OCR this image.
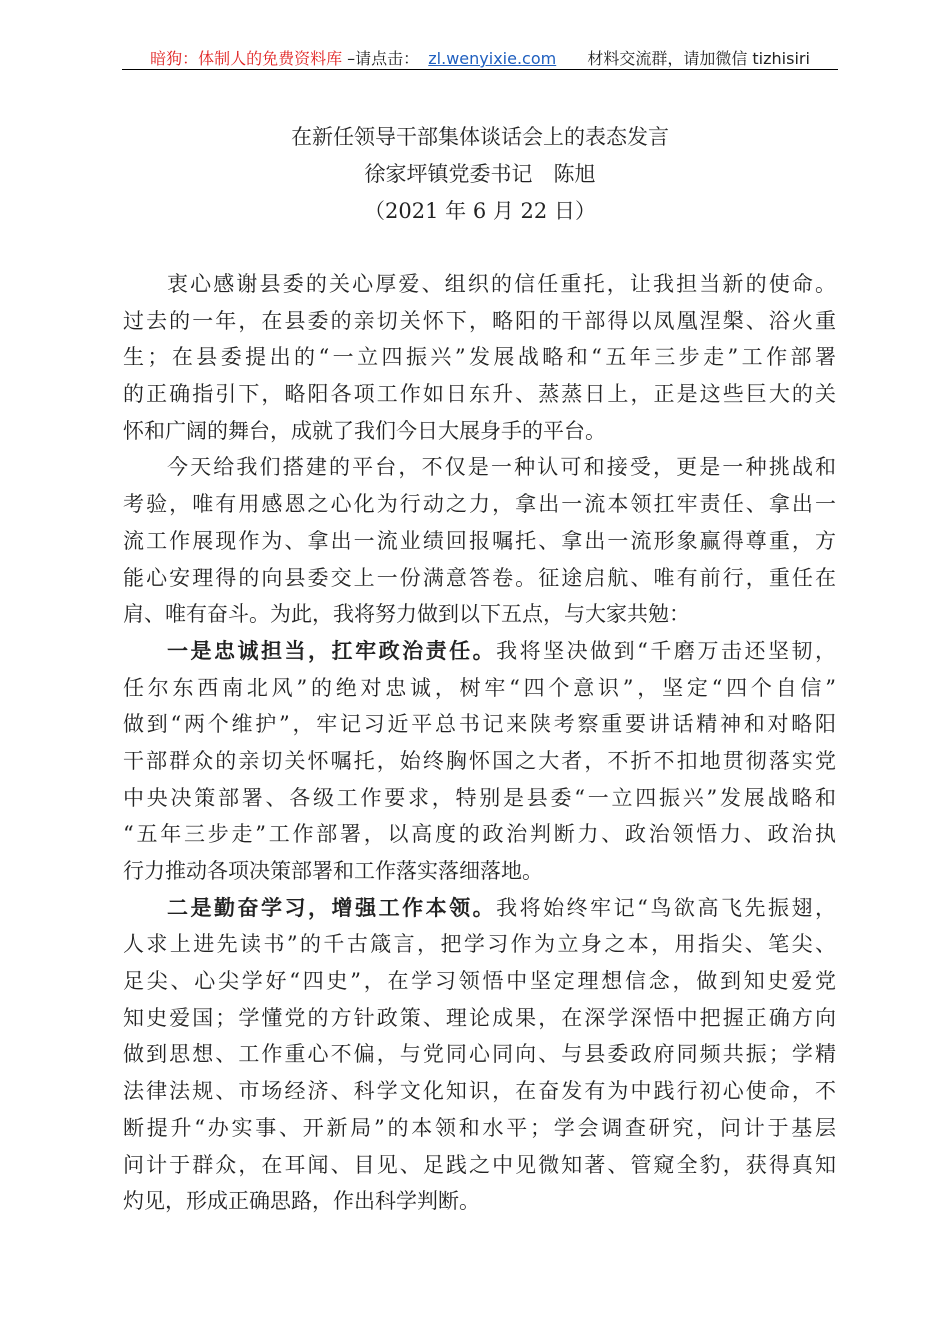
暗狗：体制人的免费资料库 –请点击： zl.wenyixie.com 材料交流群，请加微信 tizhisiri
在新任领导干部集体谈话会上的表态发言
徐家坪镇党委书记　陈旭
（2021 年 6 月 22 日）
衷心感谢县委的关心厚爱、组织的信任重托，让我担当新的使命。
过去的一年，在县委的亲切关怀下，略阳的干部得以凤凰涅槃、浴火重
生；在县委提出的“一立四振兴”发展战略和“五年三步走”工作部署
的正确指引下，略阳各项工作如日东升、蒸蒸日上，正是这些巨大的关
怀和广阔的舞台，成就了我们今日大展身手的平台。
今天给我们搭建的平台，不仅是一种认可和接受，更是一种挑战和
考验，唯有用感恩之心化为行动之力，拿出一流本领扛牢责任、拿出一
流工作展现作为、拿出一流业绩回报嘱托、拿出一流形象赢得尊重，方
能心安理得的向县委交上一份满意答卷。征途启航、唯有前行，重任在
肩、唯有奋斗。为此，我将努力做到以下五点，与大家共勉：
一是忠诚担当，扛牢政治责任。我将坚决做到“千磨万击还坚韧，
任尔东西南北风”的绝对忠诚，树牢“四个意识”，坚定“四个自信”
做到“两个维护”，牢记习近平总书记来陕考察重要讲话精神和对略阳
干部群众的亲切关怀嘱托，始终胸怀国之大者，不折不扣地贯彻落实党
中央决策部署、各级工作要求，特别是县委“一立四振兴”发展战略和
“五年三步走”工作部署，以高度的政治判断力、政治领悟力、政治执
行力推动各项决策部署和工作落实落细落地。
二是勤奋学习，增强工作本领。我将始终牢记“鸟欲高飞先振翅，
人求上进先读书”的千古箴言，把学习作为立身之本，用指尖、笔尖、
足尖、心尖学好“四史”，在学习领悟中坚定理想信念，做到知史爱党
知史爱国；学懂党的方针政策、理论成果，在深学深悟中把握正确方向
做到思想、工作重心不偏，与党同心同向、与县委政府同频共振；学精
法律法规、市场经济、科学文化知识，在奋发有为中践行初心使命，不
断提升“办实事、开新局”的本领和水平；学会调查研究，问计于基层
问计于群众，在耳闻、目见、足践之中见微知著、管窥全豹，获得真知
灼见，形成正确思路，作出科学判断。
